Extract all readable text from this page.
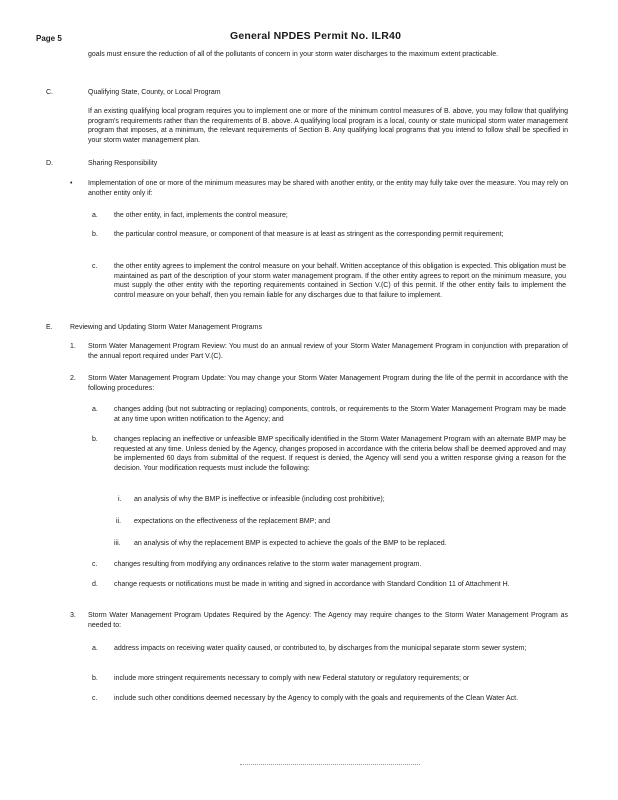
Page 5	General NPDES Permit No. ILR40

goals must ensure the reduction of all of the pollutants of concern in your storm water discharges to the maximum extent practicable.

C.	Qualifying State, County, or Local Program

If an existing qualifying local program requires you to implement one or more of the minimum control measures of B. above, you may follow that qualifying program's requirements rather than the requirements of B. above. A qualifying local program is a local, county or state municipal storm water management program that imposes, at a minimum, the relevant requirements of Section B. Any qualifying local programs that you intend to follow shall be specified in your storm water management plan.

D.	Sharing Responsibility
• Implementation of one or more of the minimum measures may be shared with another entity, or the entity may fully take over the measure. You may rely on another entity only if:

a. the other entity, in fact, implements the control measure;

b. the particular control measure, or component of that measure is at least as stringent as the corresponding permit requirement;

c. the other entity agrees to implement the control measure on your behalf. Written acceptance of this obligation is expected. This obligation must be maintained as part of the description of your storm water management program. If the other entity agrees to report on the minimum measure, you must supply the other entity with the reporting requirements contained in Section V.(C) of this permit. If the other entity fails to implement the control measure on your behalf, then you remain liable for any discharges due to that failure to implement.

E. Reviewing and Updating Storm Water Management Programs
1. Storm Water Management Program Review: You must do an annual review of your Storm Water Management Program in conjunction with preparation of the annual report required under Part V.(C).

2. Storm Water Management Program Update: You may change your Storm Water Management Program during the life of the permit in accordance with the following procedures:

a. changes adding (but not subtracting or replacing) components, controls, or requirements to the Storm Water Management Program may be made at any time upon written notification to the Agency; and

b. changes replacing an ineffective or unfeasible BMP specifically identified in the Storm Water Management Program with an alternate BMP may be requested at any time. Unless denied by the Agency, changes proposed in accordance with the criteria below shall be deemed approved and may be implemented 60 days from submittal of the request. If request is denied, the Agency will send you a written response giving a reason for the decision. Your modification requests must include the following:

i. an analysis of why the BMP is ineffective or infeasible (including cost prohibitive);

ii. expectations on the effectiveness of the replacement BMP; and

iii. an analysis of why the replacement BMP is expected to achieve the goals of the BMP to be replaced.

c. changes resulting from modifying any ordinances relative to the storm water management program.

d. change requests or notifications must be made in writing and signed in accordance with Standard Condition 11 of Attachment H.

3. Storm Water Management Program Updates Required by the Agency: The Agency may require changes to the Storm Water Management Program as needed to:

a. address impacts on receiving water quality caused, or contributed to, by discharges from the municipal separate storm sewer system;

b. include more stringent requirements necessary to comply with new Federal statutory or regulatory requirements; or

c. include such other conditions deemed necessary by the Agency to comply with the goals and requirements of the Clean Water Act.
